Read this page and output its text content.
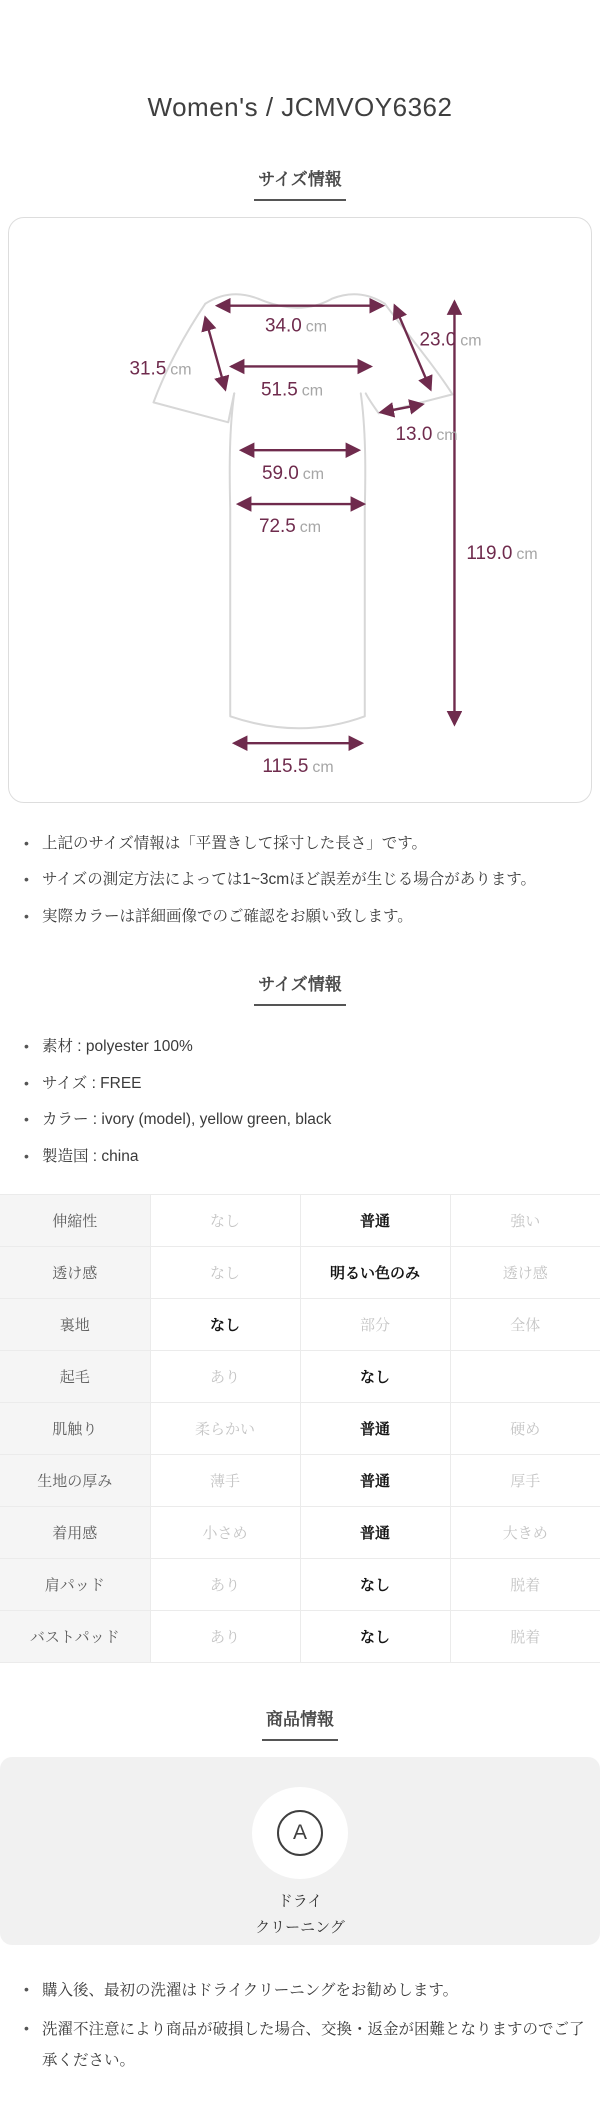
Women's / JCMVOY6362
サイズ情報
34.0 cm
31.5 cm
51.5 cm
23.0 cm
13.0 cm
59.0 cm
72.5 cm
115.5 cm
119.0 cm
• 上記のサイズ情報は「平置きして採寸した長さ」です。
• サイズの測定方法によっては1~3cmほど誤差が生じる場合があります。
• 実際カラーは詳細画像でのご確認をお願い致します。
サイズ情報
• 素材 : polyester 100%
• サイズ : FREE
• カラー : ivory (model), yellow green, black
• 製造国 : china
伸縮性	なし	普通	強い
透け感	なし	明るい色のみ	透け感
裏地	なし	部分	全体
起毛	あり	なし	
肌触り	柔らかい	普通	硬め
生地の厚み	薄手	普通	厚手
着用感	小さめ	普通	大きめ
肩パッド	あり	なし	脱着
バストパッド	あり	なし	脱着
商品情報
A
ドライ
クリーニング
• 購入後、最初の洗濯はドライクリーニングをお勧めします。
• 洗濯不注意により商品が破損した場合、交換・返金が困難となりますのでご了承ください。
